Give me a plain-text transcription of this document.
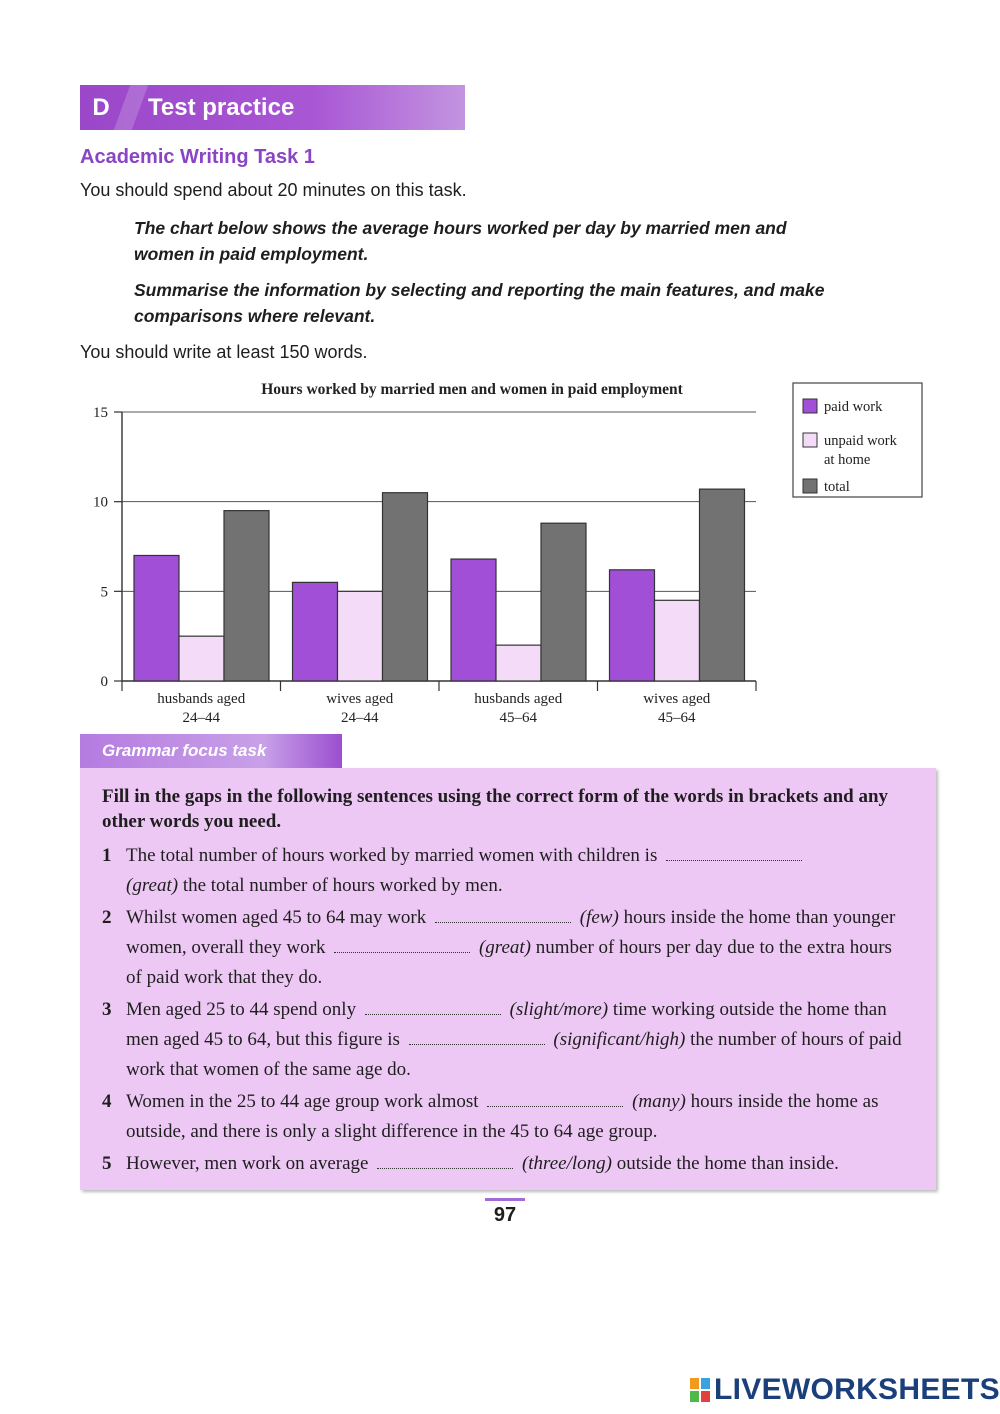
D	Test practice
Academic Writing Task 1
You should spend about 20 minutes on this task.
The chart below shows the average hours worked per day by married men and women in paid employment.
Summarise the information by selecting and reporting the main features, and make comparisons where relevant.
You should write at least 150 words.
Hours worked by married men and women in paid employment
0
5
10
15
husbands aged
24–44
wives aged
24–44
husbands aged
45–64
wives aged
45–64
paid work
unpaid work
at home
total
Grammar focus task
Fill in the gaps in the following sentences using the correct form of the words in brackets and any other words you need.
1 The total number of hours worked by married women with children is
(great) the total number of hours worked by men.
2 Whilst women aged 45 to 64 may work	(few) hours inside the home than younger women, overall they work	(great) number of hours per day due to the extra hours of paid work that they do.
3 Men aged 25 to 44 spend only	(slight/more) time working outside the home than men aged 45 to 64, but this figure is	(significant/high) the number of hours of paid work that women of the same age do.
4 Women in the 25 to 44 age group work almost	(many) hours inside the home as outside, and there is only a slight difference in the 45 to 64 age group.
5 However, men work on average	(three/long) outside the home than inside.
97
LIVEWORKSHEETS
